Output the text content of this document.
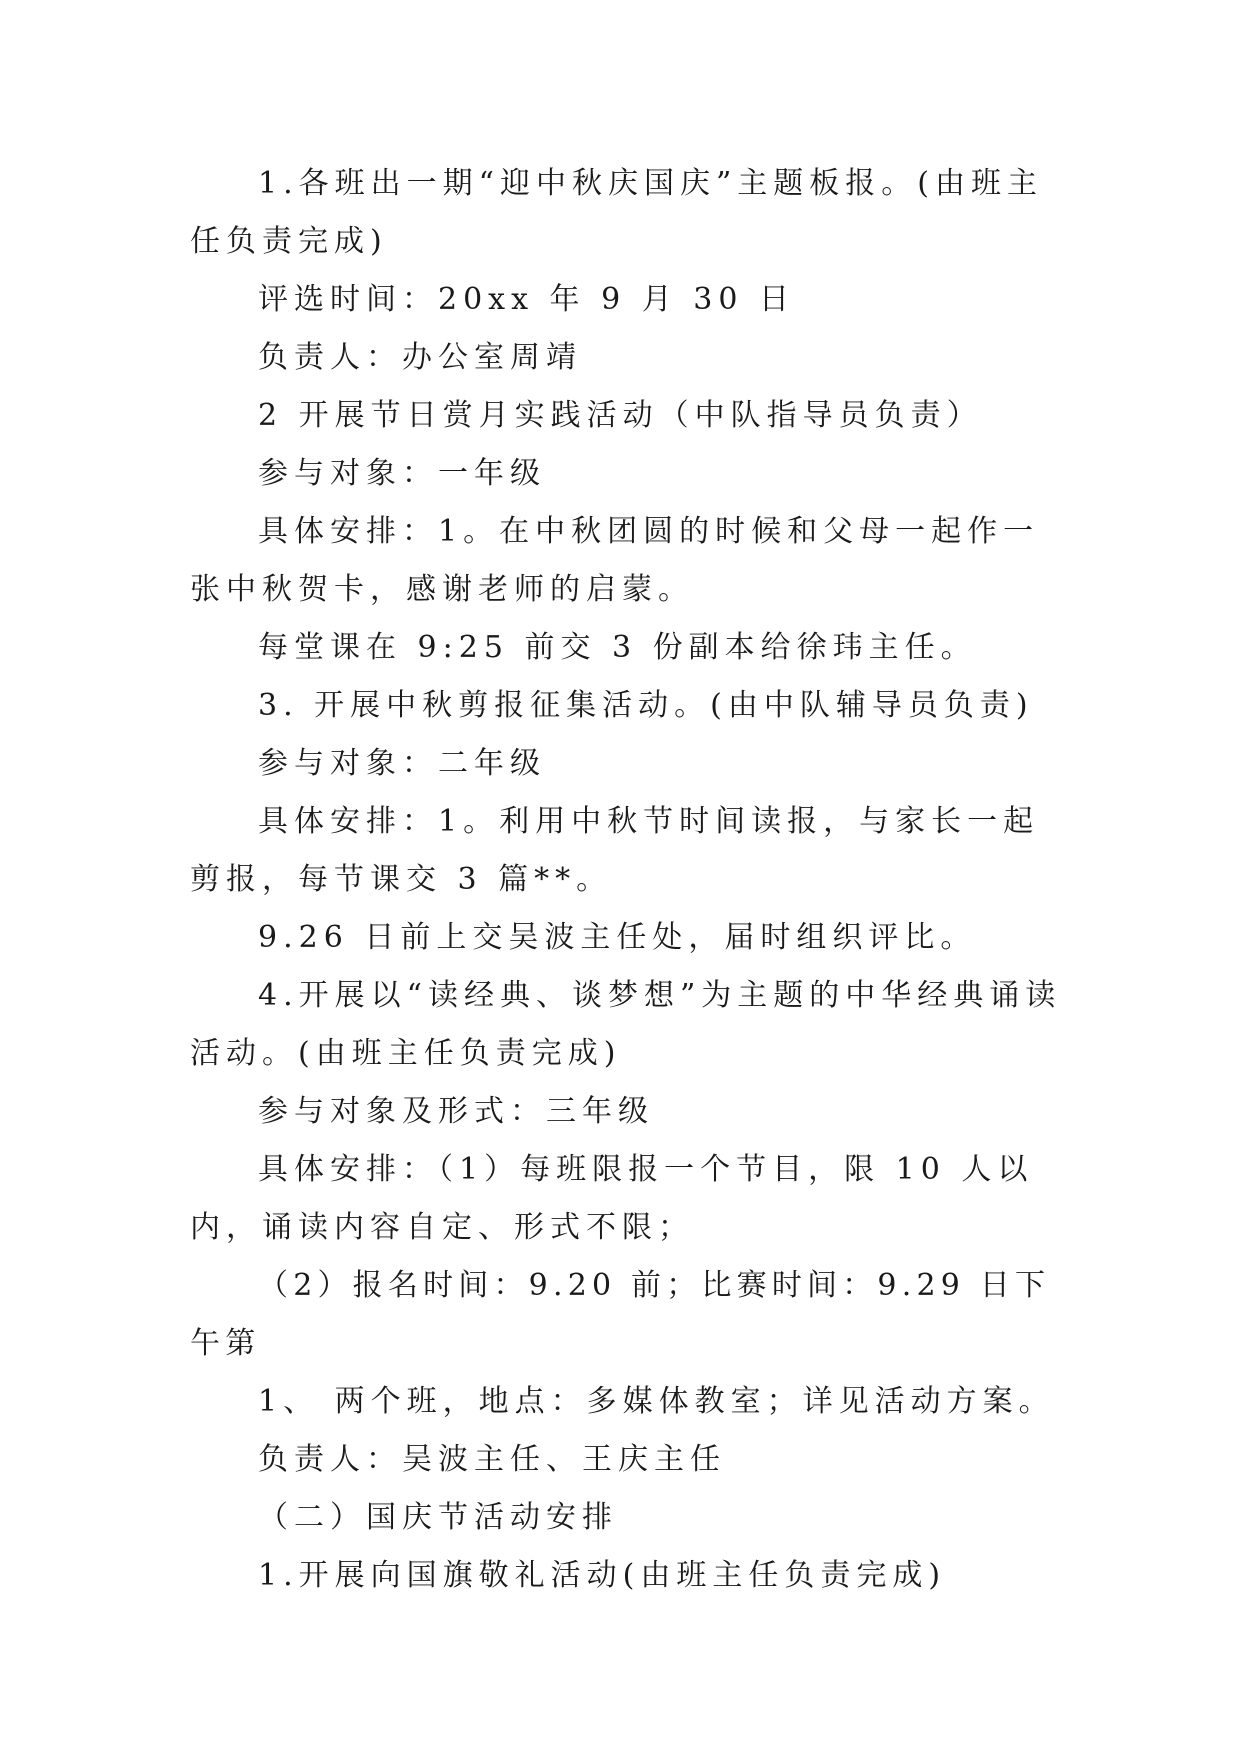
1.各班出一期“迎中秋庆国庆”主题板报。(由班主任负责完成)

评选时间：20xx 年 9 月 30 日

负责人：办公室周靖

2 开展节日赏月实践活动（中队指导员负责）

参与对象：一年级

具体安排：1。在中秋团圆的时候和父母一起作一张中秋贺卡，感谢老师的启蒙。

每堂课在 9:25 前交 3 份副本给徐玮主任。

3. 开展中秋剪报征集活动。(由中队辅导员负责)

参与对象：二年级

具体安排：1。利用中秋节时间读报，与家长一起剪报，每节课交 3 篇**。

9.26 日前上交吴波主任处，届时组织评比。

4.开展以“读经典、谈梦想”为主题的中华经典诵读活动。(由班主任负责完成)

参与对象及形式：三年级

具体安排：（1）每班限报一个节目，限 10 人以内，诵读内容自定、形式不限；

（2）报名时间：9.20 前；比赛时间：9.29 日下午第

1、 两个班，地点：多媒体教室；详见活动方案。

负责人：吴波主任、王庆主任

（二）国庆节活动安排

1.开展向国旗敬礼活动(由班主任负责完成)
